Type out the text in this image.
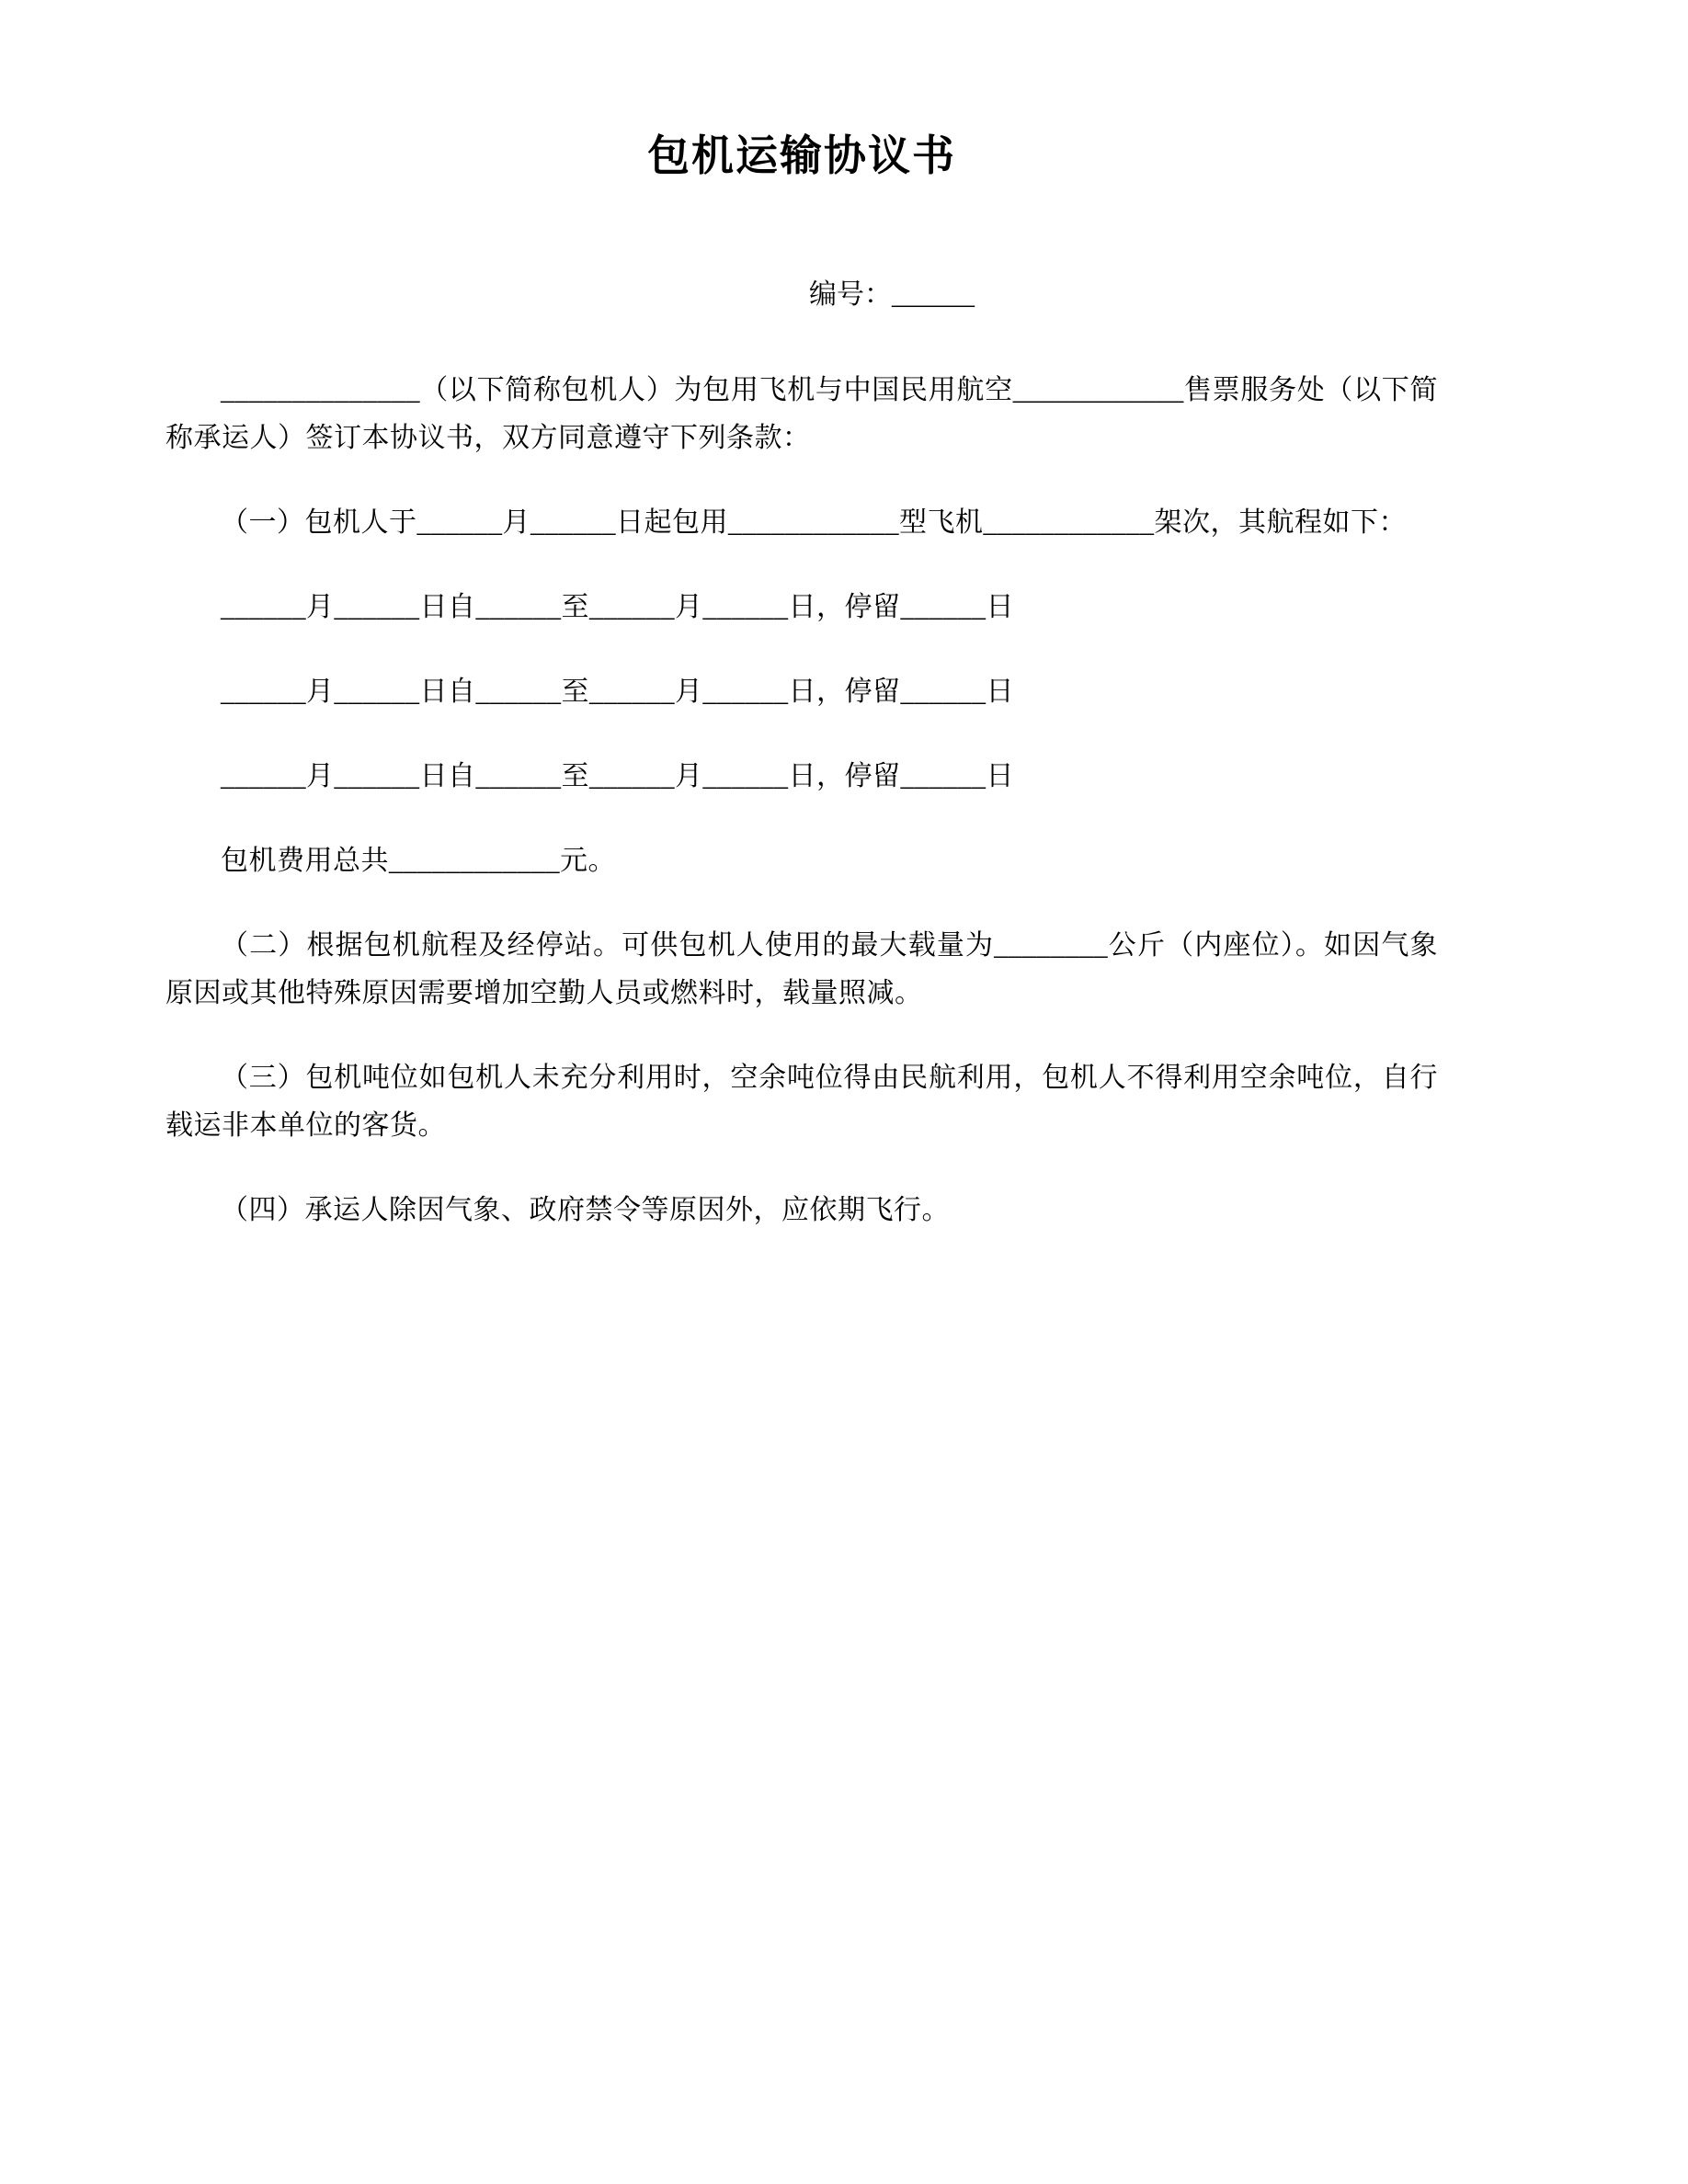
包机运输协议书
编号：______

______________（以下简称包机人）为包用飞机与中国民用航空____________售票服务处（以下简称承运人）签订本协议书，双方同意遵守下列条款：

（一）包机人于______月______日起包用____________型飞机____________架次，其航程如下：

______月______日自______至______月______日，停留______日

______月______日自______至______月______日，停留______日

______月______日自______至______月______日，停留______日

包机费用总共____________元。

（二）根据包机航程及经停站。可供包机人使用的最大载量为________公斤（内座位）。如因气象原因或其他特殊原因需要增加空勤人员或燃料时，载量照减。

（三）包机吨位如包机人未充分利用时，空余吨位得由民航利用，包机人不得利用空余吨位，自行载运非本单位的客货。

（四）承运人除因气象、政府禁令等原因外，应依期飞行。
